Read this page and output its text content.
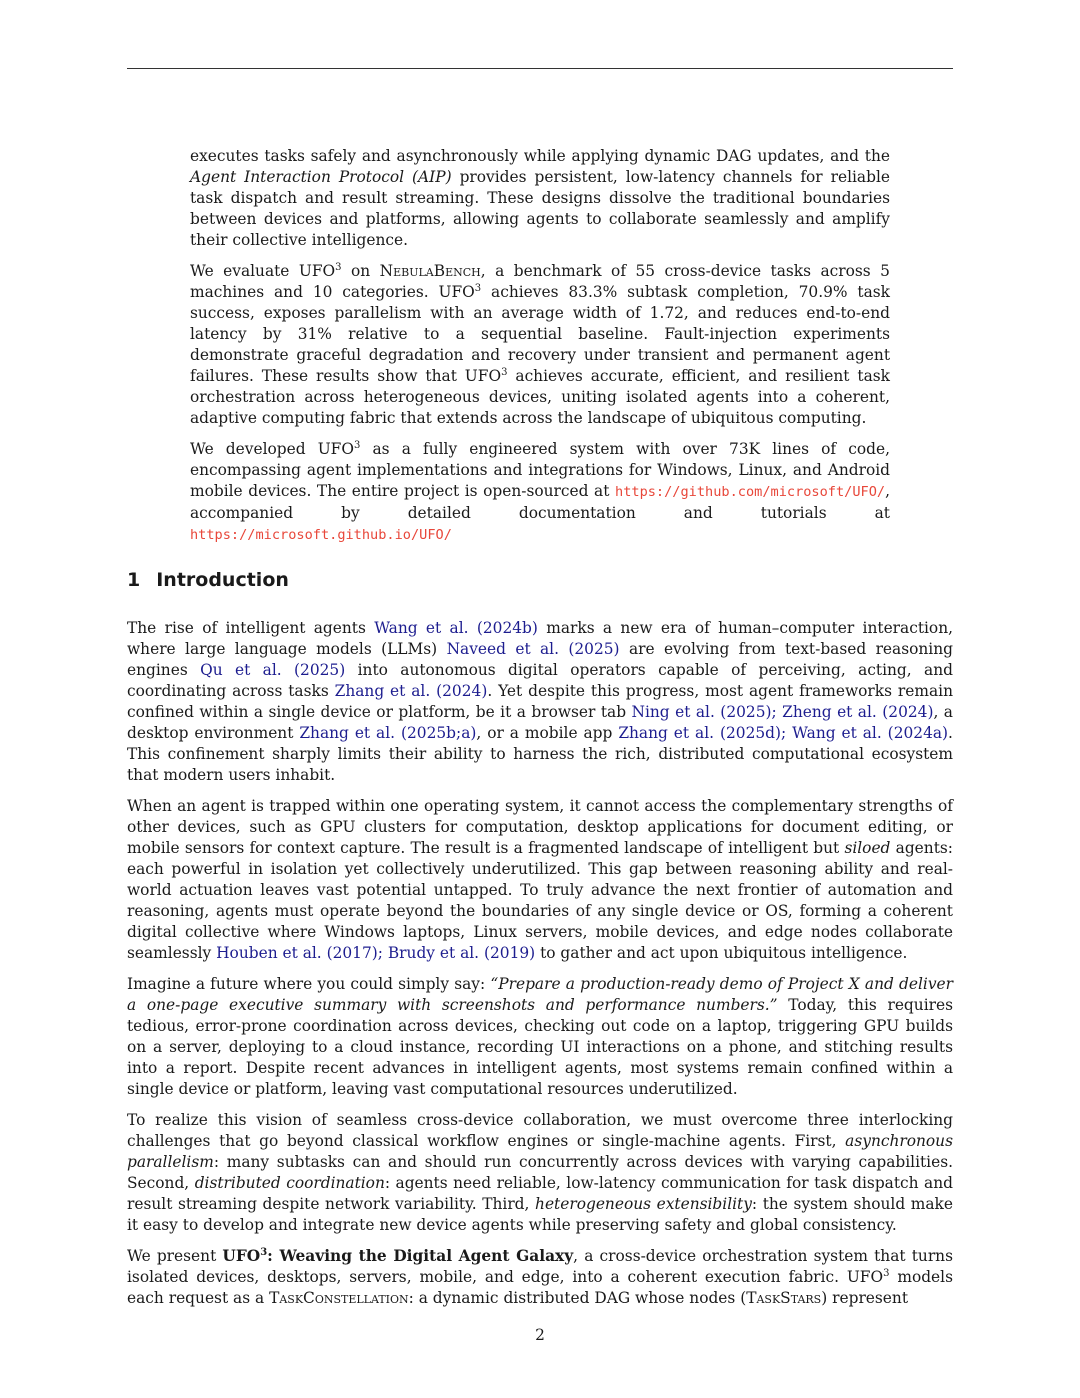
executes tasks safely and asynchronously while applying dynamic DAG updates, and the Agent Interaction Protocol (AIP) provides persistent, low-latency channels for reliable task dispatch and result streaming. These designs dissolve the traditional boundaries between devices and platforms, allowing agents to collaborate seamlessly and amplify their collective intelligence.

We evaluate UFO$^3$ on NebulaBench, a benchmark of 55 cross-device tasks across 5 machines and 10 categories. UFO$^3$ achieves 83.3% subtask completion, 70.9% task success, exposes parallelism with an average width of 1.72, and reduces end-to-end latency by 31% relative to a sequential baseline. Fault-injection experiments demonstrate graceful degradation and recovery under transient and permanent agent failures. These results show that UFO$^3$ achieves accurate, efficient, and resilient task orchestration across heterogeneous devices, uniting isolated agents into a coherent, adaptive computing fabric that extends across the landscape of ubiquitous computing.

We developed UFO$^3$ as a fully engineered system with over 73K lines of code, encompassing agent implementations and integrations for Windows, Linux, and Android mobile devices. The entire project is open-sourced at https://github.com/microsoft/UFO/, accompanied by detailed documentation and tutorials at https://microsoft.github.io/UFO/

1 Introduction

The rise of intelligent agents Wang et al. (2024b) marks a new era of human–computer interaction, where large language models (LLMs) Naveed et al. (2025) are evolving from text-based reasoning engines Qu et al. (2025) into autonomous digital operators capable of perceiving, acting, and coordinating across tasks Zhang et al. (2024). Yet despite this progress, most agent frameworks remain confined within a single device or platform, be it a browser tab Ning et al. (2025); Zheng et al. (2024), a desktop environment Zhang et al. (2025b;a), or a mobile app Zhang et al. (2025d); Wang et al. (2024a). This confinement sharply limits their ability to harness the rich, distributed computational ecosystem that modern users inhabit.

When an agent is trapped within one operating system, it cannot access the complementary strengths of other devices, such as GPU clusters for computation, desktop applications for document editing, or mobile sensors for context capture. The result is a fragmented landscape of intelligent but siloed agents: each powerful in isolation yet collectively underutilized. This gap between reasoning ability and real-world actuation leaves vast potential untapped. To truly advance the next frontier of automation and reasoning, agents must operate beyond the boundaries of any single device or OS, forming a coherent digital collective where Windows laptops, Linux servers, mobile devices, and edge nodes collaborate seamlessly Houben et al. (2017); Brudy et al. (2019) to gather and act upon ubiquitous intelligence.

Imagine a future where you could simply say: “Prepare a production-ready demo of Project X and deliver a one-page executive summary with screenshots and performance numbers.” Today, this requires tedious, error-prone coordination across devices, checking out code on a laptop, triggering GPU builds on a server, deploying to a cloud instance, recording UI interactions on a phone, and stitching results into a report. Despite recent advances in intelligent agents, most systems remain confined within a single device or platform, leaving vast computational resources underutilized.

To realize this vision of seamless cross-device collaboration, we must overcome three interlocking challenges that go beyond classical workflow engines or single-machine agents. First, asynchronous parallelism: many subtasks can and should run concurrently across devices with varying capabilities. Second, distributed coordination: agents need reliable, low-latency communication for task dispatch and result streaming despite network variability. Third, heterogeneous extensibility: the system should make it easy to develop and integrate new device agents while preserving safety and global consistency.

We present UFO$^3$: Weaving the Digital Agent Galaxy, a cross-device orchestration system that turns isolated devices, desktops, servers, mobile, and edge, into a coherent execution fabric. UFO$^3$ models each request as a TaskConstellation: a dynamic distributed DAG whose nodes (TaskStars) represent

2
